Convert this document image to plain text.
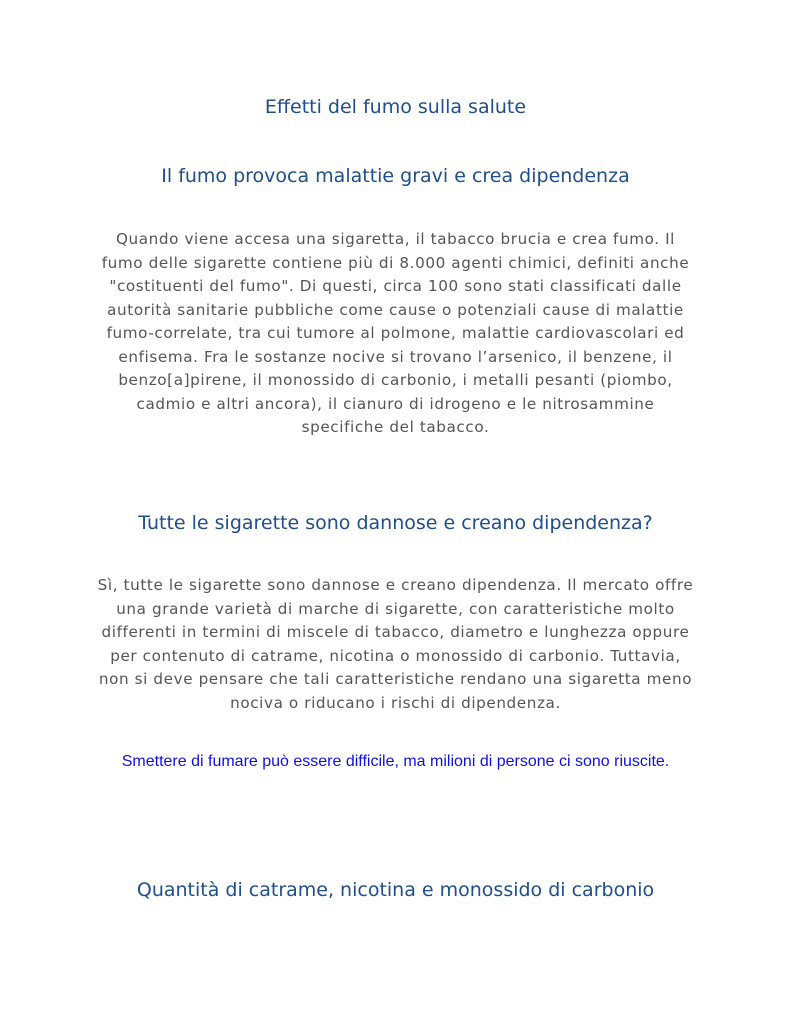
Effetti del fumo sulla salute
Il fumo provoca malattie gravi e crea dipendenza

Quando viene accesa una sigaretta, il tabacco brucia e crea fumo. Il fumo delle sigarette contiene più di 8.000 agenti chimici, definiti anche "costituenti del fumo". Di questi, circa 100 sono stati classificati dalle autorità sanitarie pubbliche come cause o potenziali cause di malattie fumo-correlate, tra cui tumore al polmone, malattie cardiovascolari ed enfisema. Fra le sostanze nocive si trovano l’arsenico, il benzene, il benzo[a]pirene, il monossido di carbonio, i metalli pesanti (piombo, cadmio e altri ancora), il cianuro di idrogeno e le nitrosammine specifiche del tabacco.

Tutte le sigarette sono dannose e creano dipendenza?

Sì, tutte le sigarette sono dannose e creano dipendenza. Il mercato offre una grande varietà di marche di sigarette, con caratteristiche molto differenti in termini di miscele di tabacco, diametro e lunghezza oppure per contenuto di catrame, nicotina o monossido di carbonio. Tuttavia, non si deve pensare che tali caratteristiche rendano una sigaretta meno nociva o riducano i rischi di dipendenza.

Smettere di fumare può essere difficile, ma milioni di persone ci sono riuscite.

Quantità di catrame, nicotina e monossido di carbonio
